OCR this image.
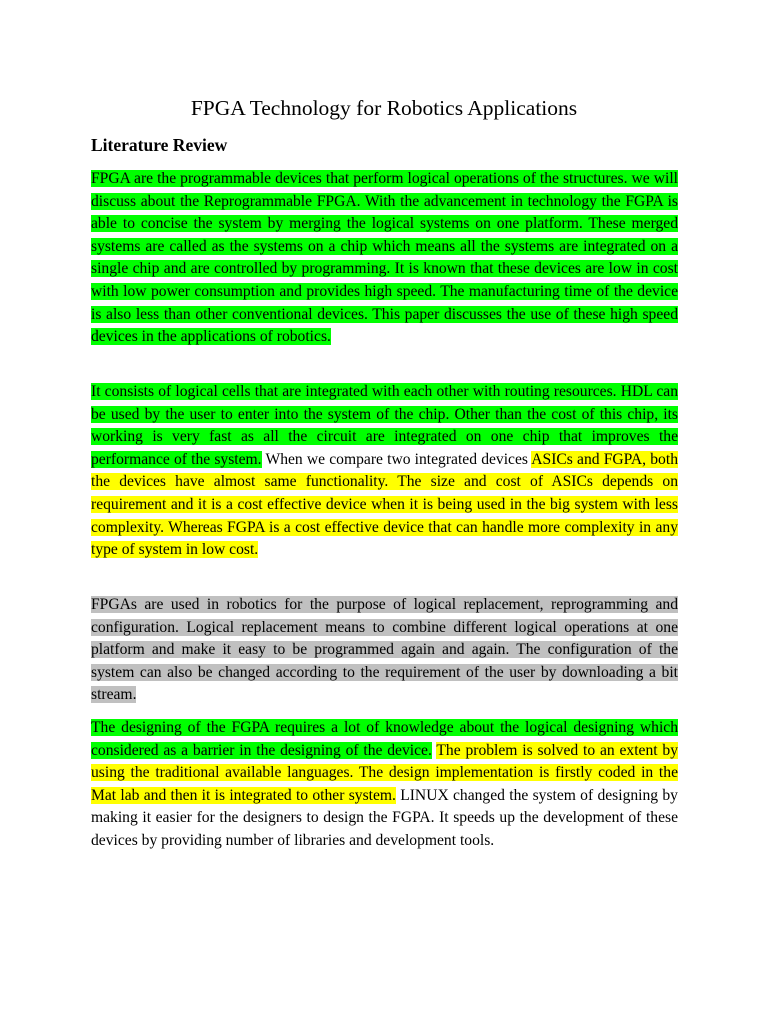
FPGA Technology for Robotics Applications
Literature Review

FPGA are the programmable devices that perform logical operations of the structures. we will discuss about the Reprogrammable FPGA. With the advancement in technology the FGPA is able to concise the system by merging the logical systems on one platform. These merged systems are called as the systems on a chip which means all the systems are integrated on a single chip and are controlled by programming. It is known that these devices are low in cost with low power consumption and provides high speed. The manufacturing time of the device is also less than other conventional devices. This paper discusses the use of these high speed devices in the applications of robotics.

It consists of logical cells that are integrated with each other with routing resources. HDL can be used by the user to enter into the system of the chip. Other than the cost of this chip, its working is very fast as all the circuit are integrated on one chip that improves the performance of the system. When we compare two integrated devices ASICs and FGPA, both the devices have almost same functionality. The size and cost of ASICs depends on requirement and it is a cost effective device when it is being used in the big system with less complexity. Whereas FGPA is a cost effective device that can handle more complexity in any type of system in low cost.

FPGAs are used in robotics for the purpose of logical replacement, reprogramming and configuration. Logical replacement means to combine different logical operations at one platform and make it easy to be programmed again and again. The configuration of the system can also be changed according to the requirement of the user by downloading a bit stream.

The designing of the FGPA requires a lot of knowledge about the logical designing which considered as a barrier in the designing of the device. The problem is solved to an extent by using the traditional available languages. The design implementation is firstly coded in the Mat lab and then it is integrated to other system. LINUX changed the system of designing by making it easier for the designers to design the FGPA. It speeds up the development of these devices by providing number of libraries and development tools.
